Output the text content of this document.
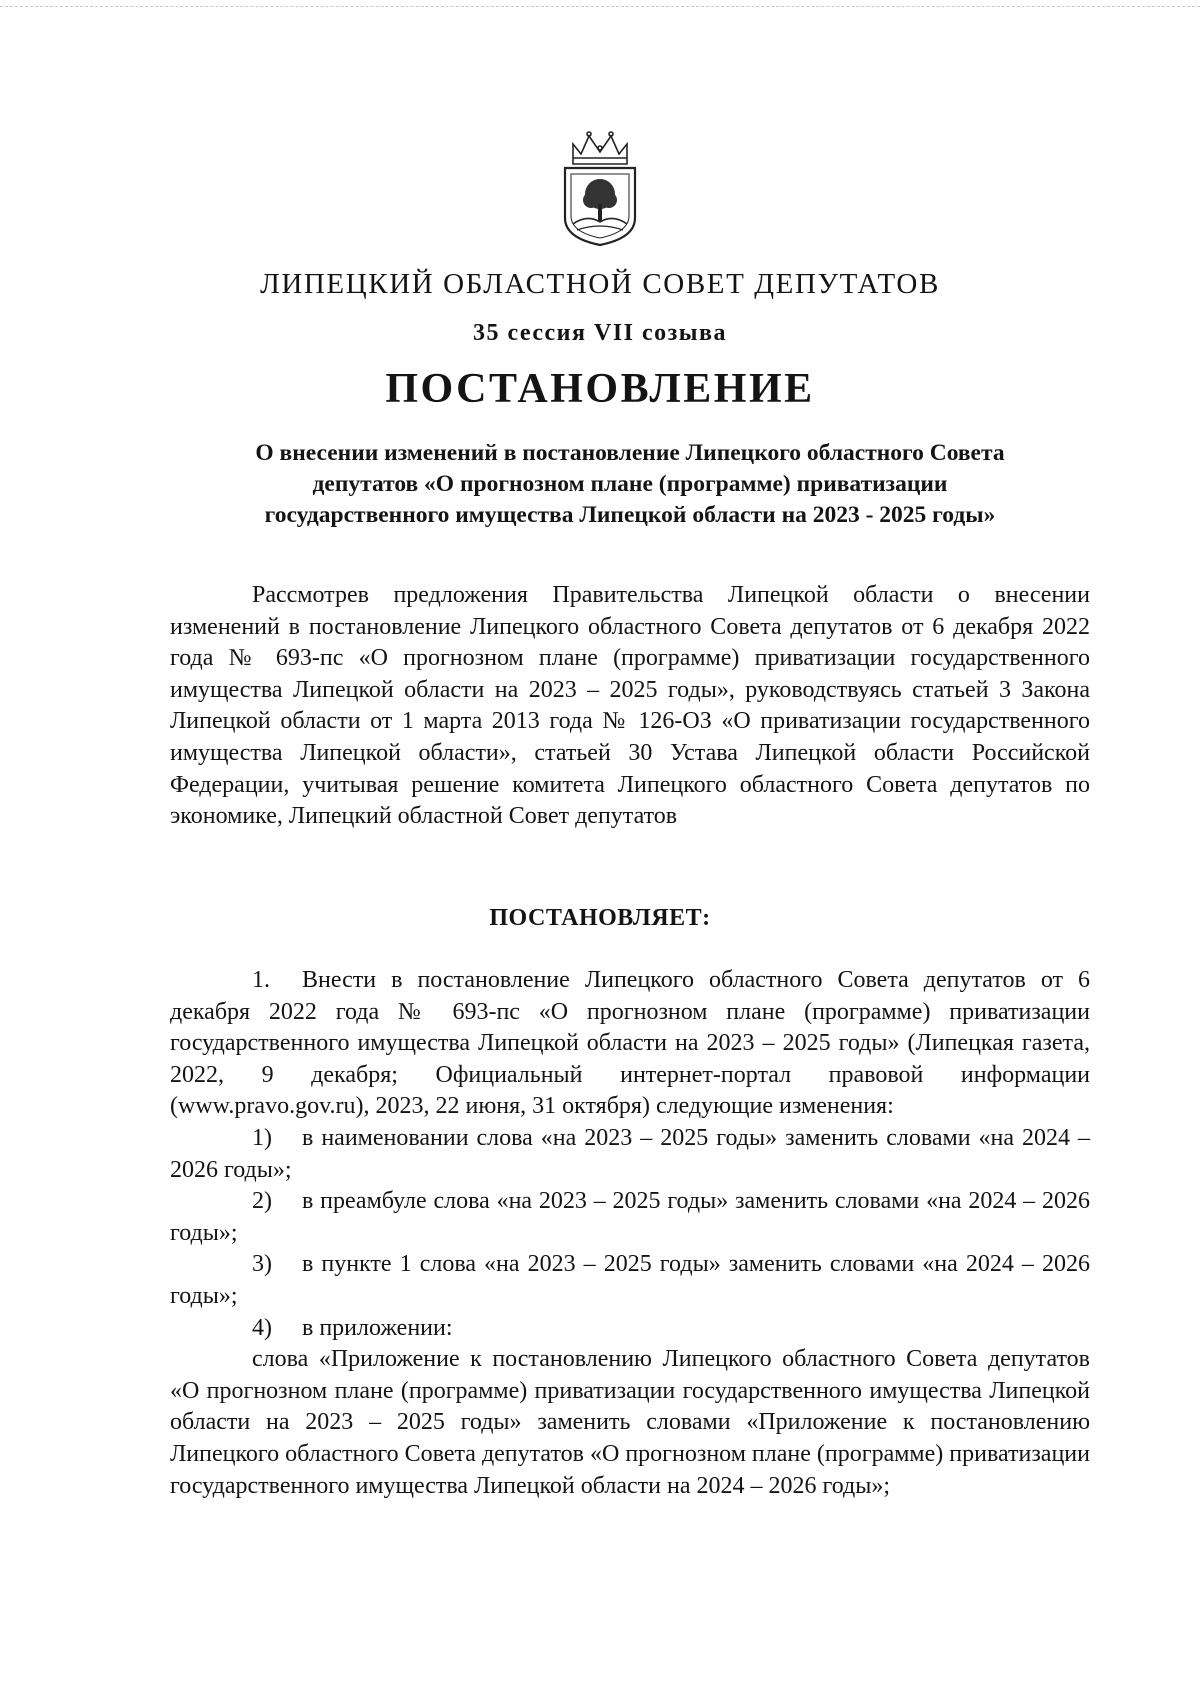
ЛИПЕЦКИЙ ОБЛАСТНОЙ СОВЕТ ДЕПУТАТОВ
35 сессия VII созыва
ПОСТАНОВЛЕНИЕ
О внесении изменений в постановление Липецкого областного Совета
депутатов «О прогнозном плане (программе) приватизации
государственного имущества Липецкой области на 2023 - 2025 годы»

Рассмотрев предложения Правительства Липецкой области о внесении изменений в постановление Липецкого областного Совета депутатов от 6 декабря 2022 года № 693-пс «О прогнозном плане (программе) приватизации государственного имущества Липецкой области на 2023 – 2025 годы», руководствуясь статьей 3 Закона Липецкой области от 1 марта 2013 года № 126-ОЗ «О приватизации государственного имущества Липецкой области», статьей 30 Устава Липецкой области Российской Федерации, учитывая решение комитета Липецкого областного Совета депутатов по экономике, Липецкий областной Совет депутатов

ПОСТАНОВЛЯЕТ:

1. Внести в постановление Липецкого областного Совета депутатов от 6 декабря 2022 года № 693-пс «О прогнозном плане (программе) приватизации государственного имущества Липецкой области на 2023 – 2025 годы» (Липецкая газета, 2022, 9 декабря; Официальный интернет-портал правовой информации (www.pravo.gov.ru), 2023, 22 июня, 31 октября) следующие изменения:

1) в наименовании слова «на 2023 – 2025 годы» заменить словами «на 2024 – 2026 годы»;

2) в преамбуле слова «на 2023 – 2025 годы» заменить словами «на 2024 – 2026 годы»;

3) в пункте 1 слова «на 2023 – 2025 годы» заменить словами «на 2024 – 2026 годы»;

4) в приложении:

слова «Приложение к постановлению Липецкого областного Совета депутатов «О прогнозном плане (программе) приватизации государственного имущества Липецкой области на 2023 – 2025 годы» заменить словами «Приложение к постановлению Липецкого областного Совета депутатов «О прогнозном плане (программе) приватизации государственного имущества Липецкой области на 2024 – 2026 годы»;
